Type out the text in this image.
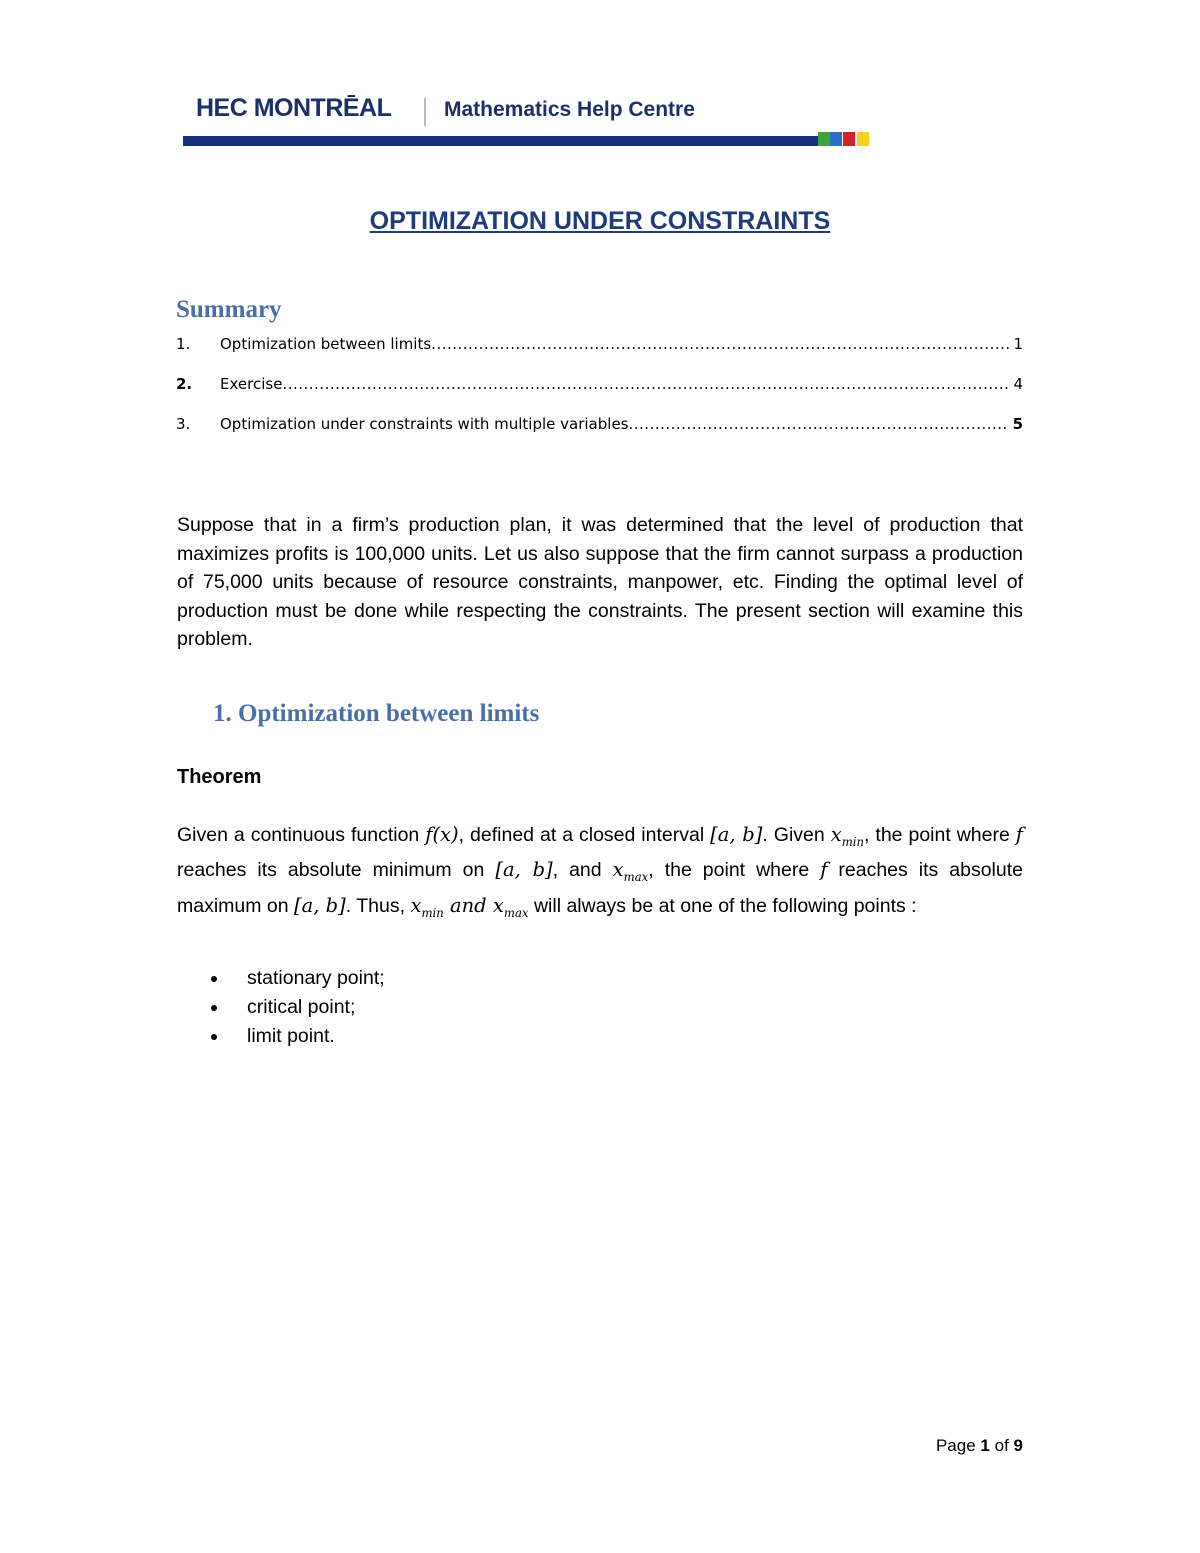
HEC MONTRĒAL	Mathematics Help Centre
OPTIMIZATION UNDER CONSTRAINTS
Summary
1.	Optimization between limits .....	1
2.	Exercise .....	4
3.	Optimization under constraints with multiple variables .....	5
Suppose that in a firm’s production plan, it was determined that the level of production that maximizes profits is 100,000 units. Let us also suppose that the firm cannot surpass a production of 75,000 units because of resource constraints, manpower, etc. Finding the optimal level of production must be done while respecting the constraints. The present section will examine this problem.
1. Optimization between limits
Theorem
Given a continuous function f(x), defined at a closed interval [a, b]. Given $x_{min}$, the point where f reaches its absolute minimum on [a, b], and $x_{max}$, the point where f reaches its absolute maximum on [a, b]. Thus, $x_{min}$ and $x_{max}$ will always be at one of the following points :
stationary point;
critical point;
limit point.
Page 1 of 9
